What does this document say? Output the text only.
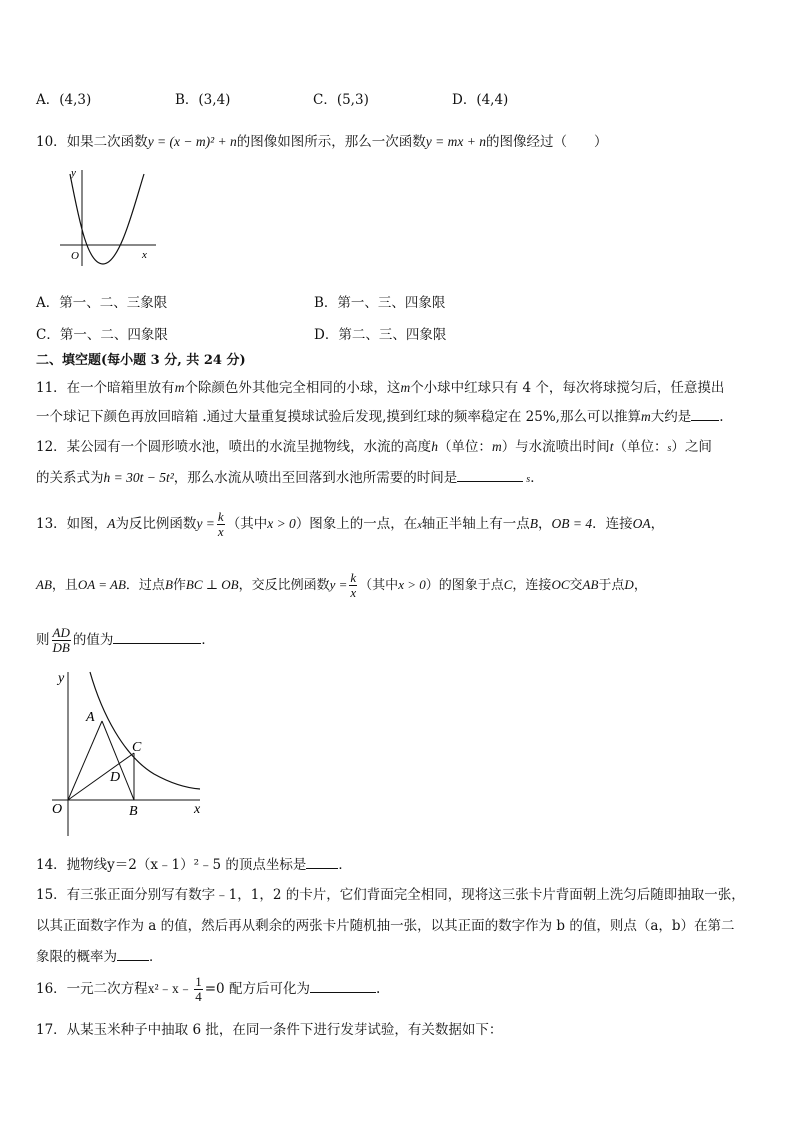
A．(4,3)	B．(3,4)	C．(5,3)	D．(4,4)
10．如果二次函数y = (x − m)² + n的图像如图所示，那么一次函数y = mx + n的图像经过（　　）
y
x
O
A．第一、二、三象限	B．第一、三、四象限
C．第一、二、四象限	D．第二、三、四象限
二、填空题(每小题 3 分, 共 24 分)
11．在一个暗箱里放有m个除颜色外其他完全相同的小球，这m个小球中红球只有 4 个，每次将球搅匀后，任意摸出
一个球记下颜色再放回暗箱 .通过大量重复摸球试验后发现,摸到红球的频率稳定在 25%,那么可以推算m大约是 .
12．某公园有一个圆形喷水池，喷出的水流呈抛物线，水流的高度h（单位：m）与水流喷出时间t（单位：s）之间
的关系式为h = 30t − 5t²，那么水流从喷出至回落到水池所需要的时间是	s．
13．如图，A为反比例函数$y = \frac{k}{x}$ （其中x > 0）图象上的一点，在x轴正半轴上有一点B，OB = 4．连接OA，
AB，且OA = AB．过点B作BC ⊥ OB，交反比例函数$y = \frac{k}{x}$ （其中x > 0）的图象于点C，连接OC交AB于点D，
则 $\frac{AD}{DB}$ 的值为	．
y
x
O
A
B
C
D
14．抛物线y＝2（x﹣1）²﹣5 的顶点坐标是 ．
15．有三张正面分别写有数字﹣1，1，2 的卡片，它们背面完全相同，现将这三张卡片背面朝上洗匀后随即抽取一张，
以其正面数字作为 a 的值，然后再从剩余的两张卡片随机抽一张，以其正面的数字作为 b 的值，则点（a，b）在第二
象限的概率为 ．
16．一元二次方程x²﹣x﹣ $\frac{1}{4} =0$ 配方后可化为	.
17．从某玉米种子中抽取 6 批，在同一条件下进行发芽试验，有关数据如下：
